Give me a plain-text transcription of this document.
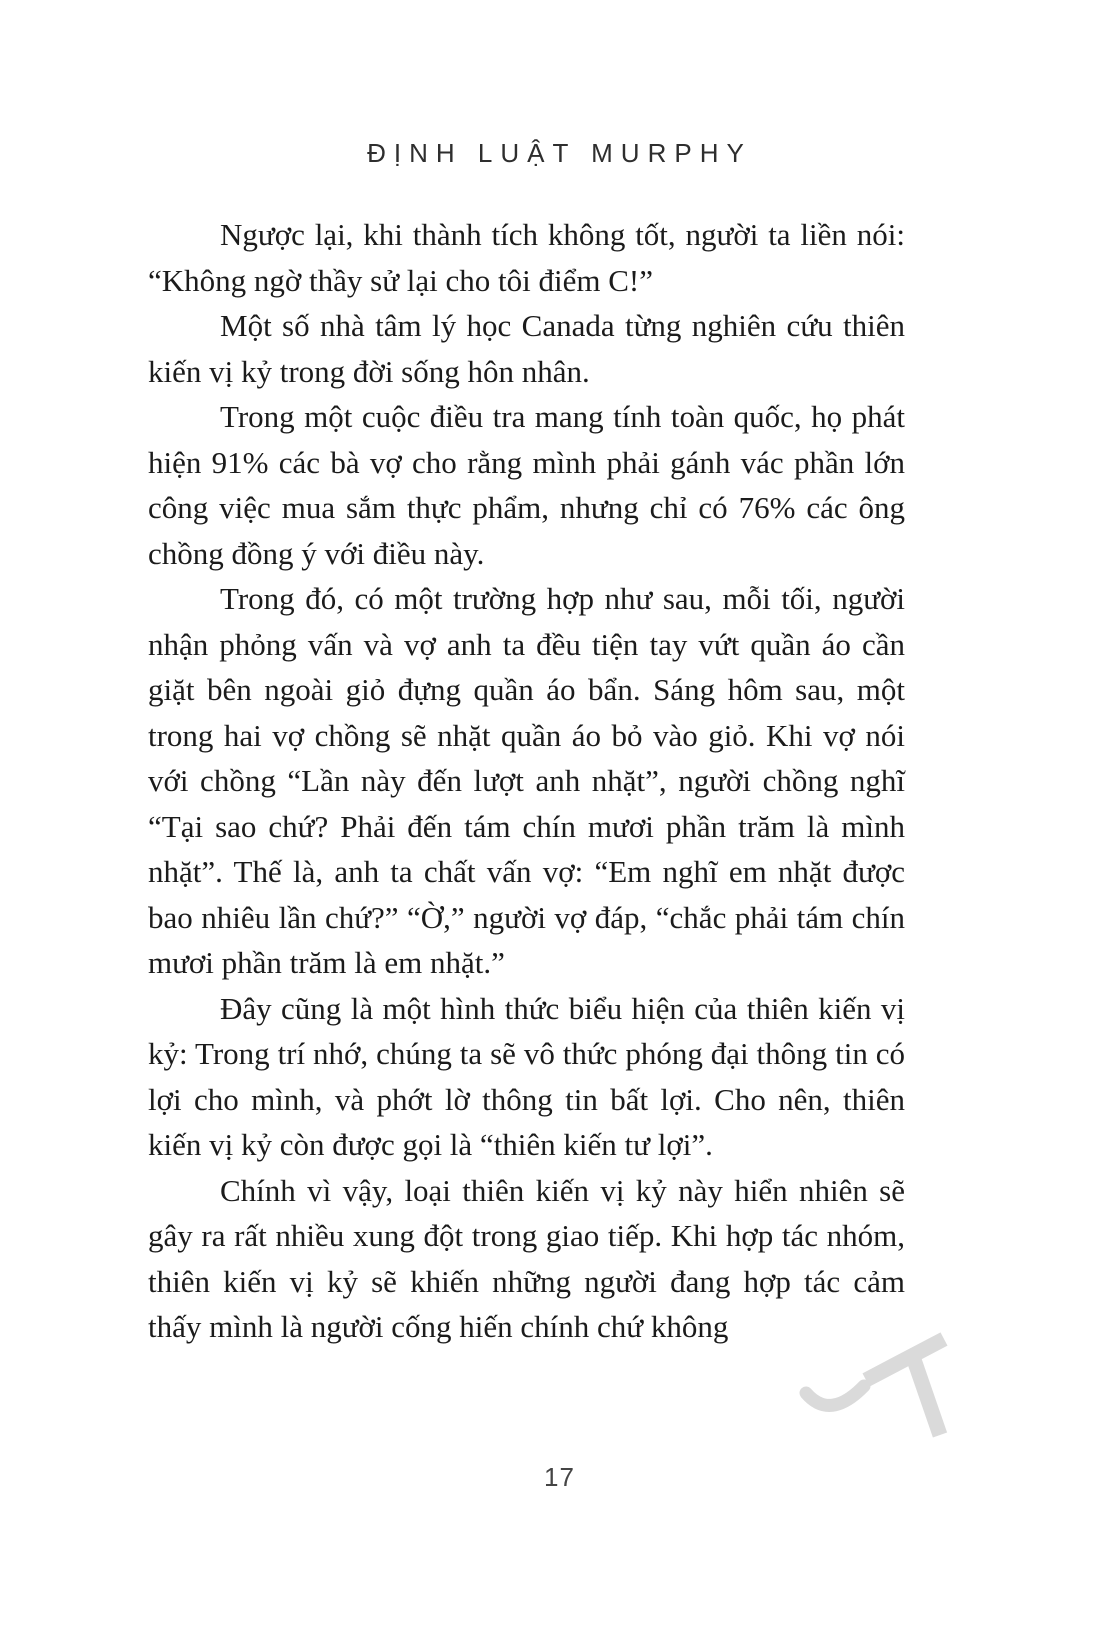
ĐỊNH LUẬT MURPHY

Ngược lại, khi thành tích không tốt, người ta liền nói: “Không ngờ thầy sử lại cho tôi điểm C!”

Một số nhà tâm lý học Canada từng nghiên cứu thiên kiến vị kỷ trong đời sống hôn nhân.

Trong một cuộc điều tra mang tính toàn quốc, họ phát hiện 91% các bà vợ cho rằng mình phải gánh vác phần lớn công việc mua sắm thực phẩm, nhưng chỉ có 76% các ông chồng đồng ý với điều này.

Trong đó, có một trường hợp như sau, mỗi tối, người nhận phỏng vấn và vợ anh ta đều tiện tay vứt quần áo cần giặt bên ngoài giỏ đựng quần áo bẩn. Sáng hôm sau, một trong hai vợ chồng sẽ nhặt quần áo bỏ vào giỏ. Khi vợ nói với chồng “Lần này đến lượt anh nhặt”, người chồng nghĩ “Tại sao chứ? Phải đến tám chín mươi phần trăm là mình nhặt”. Thế là, anh ta chất vấn vợ: “Em nghĩ em nhặt được bao nhiêu lần chứ?” “Ờ,” người vợ đáp, “chắc phải tám chín mươi phần trăm là em nhặt.”

Đây cũng là một hình thức biểu hiện của thiên kiến vị kỷ: Trong trí nhớ, chúng ta sẽ vô thức phóng đại thông tin có lợi cho mình, và phớt lờ thông tin bất lợi. Cho nên, thiên kiến vị kỷ còn được gọi là “thiên kiến tư lợi”.

Chính vì vậy, loại thiên kiến vị kỷ này hiển nhiên sẽ gây ra rất nhiều xung đột trong giao tiếp. Khi hợp tác nhóm, thiên kiến vị kỷ sẽ khiến những người đang hợp tác cảm thấy mình là người cống hiến chính chứ không

17
